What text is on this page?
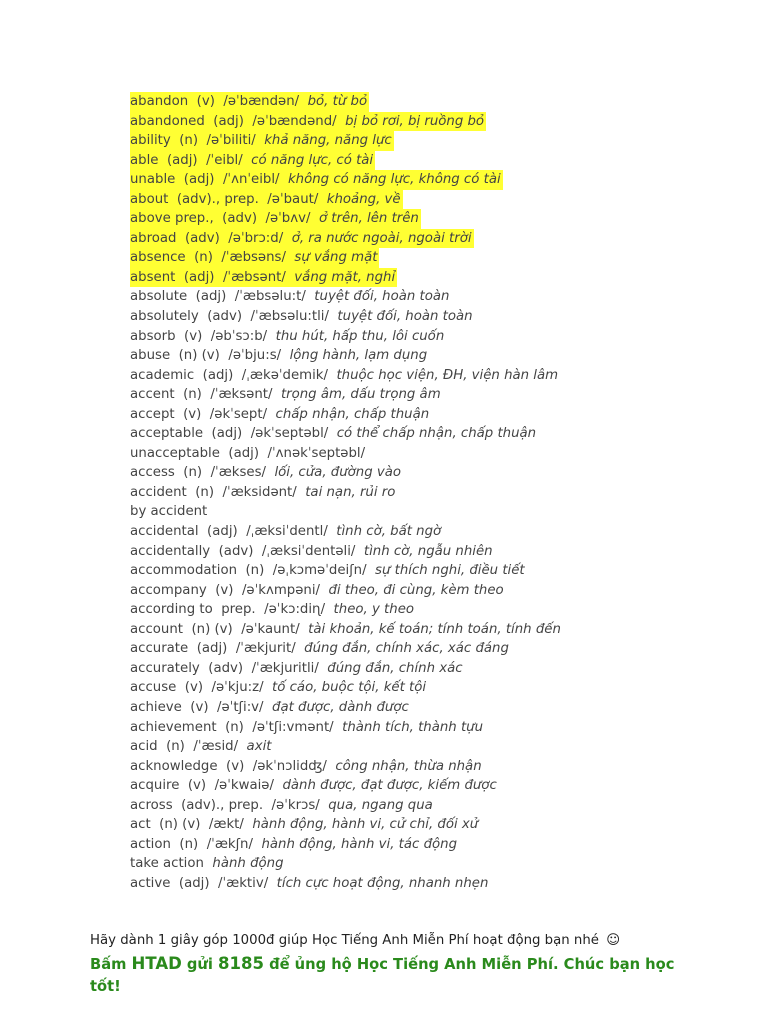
abandon (v) /əˈbændən/ bỏ, từ bỏ
abandoned (adj) /əˈbændənd/ bị bỏ rơi, bị ruồng bỏ
ability (n) /əˈbiliti/ khả năng, năng lực
able (adj) /ˈeibl/ có năng lực, có tài
unable (adj) /ˈʌnˈeibl/ không có năng lực, không có tài
about (adv)., prep. /əˈbaut/ khoảng, về
above prep., (adv) /əˈbʌv/ ở trên, lên trên
abroad (adv) /əˈbrɔ:d/ ở, ra nước ngoài, ngoài trời
absence (n) /ˈæbsəns/ sự vắng mặt
absent (adj) /ˈæbsənt/ vắng mặt, nghỉ
absolute (adj) /ˈæbsəlu:t/ tuyệt đối, hoàn toàn
absolutely (adv) /ˈæbsəlu:tli/ tuyệt đối, hoàn toàn
absorb (v) /əbˈsɔ:b/ thu hút, hấp thu, lôi cuốn
abuse (n) (v) /əˈbju:s/ lộng hành, lạm dụng
academic (adj) /ˌækəˈdemik/ thuộc học viện, ĐH, viện hàn lâm
accent (n) /ˈæksənt/ trọng âm, dấu trọng âm
accept (v) /əkˈsept/ chấp nhận, chấp thuận
acceptable (adj) /əkˈseptəbl/ có thể chấp nhận, chấp thuận
unacceptable (adj) /ˈʌnəkˈseptəbl/
access (n) /ˈækses/ lối, cửa, đường vào
accident (n) /ˈæksidənt/ tai nạn, rủi ro
by accident
accidental (adj) /ˌæksiˈdentl/ tình cờ, bất ngờ
accidentally (adv) /ˌæksiˈdentəli/ tình cờ, ngẫu nhiên
accommodation (n) /əˌkɔməˈdeiʃn/ sự thích nghi, điều tiết
accompany (v) /əˈkʌmpəni/ đi theo, đi cùng, kèm theo
according to prep. /əˈkɔ:diɳ/ theo, y theo
account (n) (v) /əˈkaunt/ tài khoản, kế toán; tính toán, tính đến
accurate (adj) /ˈækjurit/ đúng đắn, chính xác, xác đáng
accurately (adv) /ˈækjuritli/ đúng đắn, chính xác
accuse (v) /əˈkju:z/ tố cáo, buộc tội, kết tội
achieve (v) /əˈtʃi:v/ đạt được, dành được
achievement (n) /əˈtʃi:vmənt/ thành tích, thành tựu
acid (n) /ˈæsid/ axit
acknowledge (v) /əkˈnɔlidʤ/ công nhận, thừa nhận
acquire (v) /əˈkwaiə/ dành được, đạt được, kiếm được
across (adv)., prep. /əˈkrɔs/ qua, ngang qua
act (n) (v) /ækt/ hành động, hành vi, cử chỉ, đối xử
action (n) /ˈækʃn/ hành động, hành vi, tác động
take action hành động
active (adj) /ˈæktiv/ tích cực hoạt động, nhanh nhẹn
Hãy dành 1 giây góp 1000đ giúp Học Tiếng Anh Miễn Phí hoạt động bạn nhé ☺
Bấm HTAD gửi 8185 để ủng hộ Học Tiếng Anh Miễn Phí. Chúc bạn học tốt!
